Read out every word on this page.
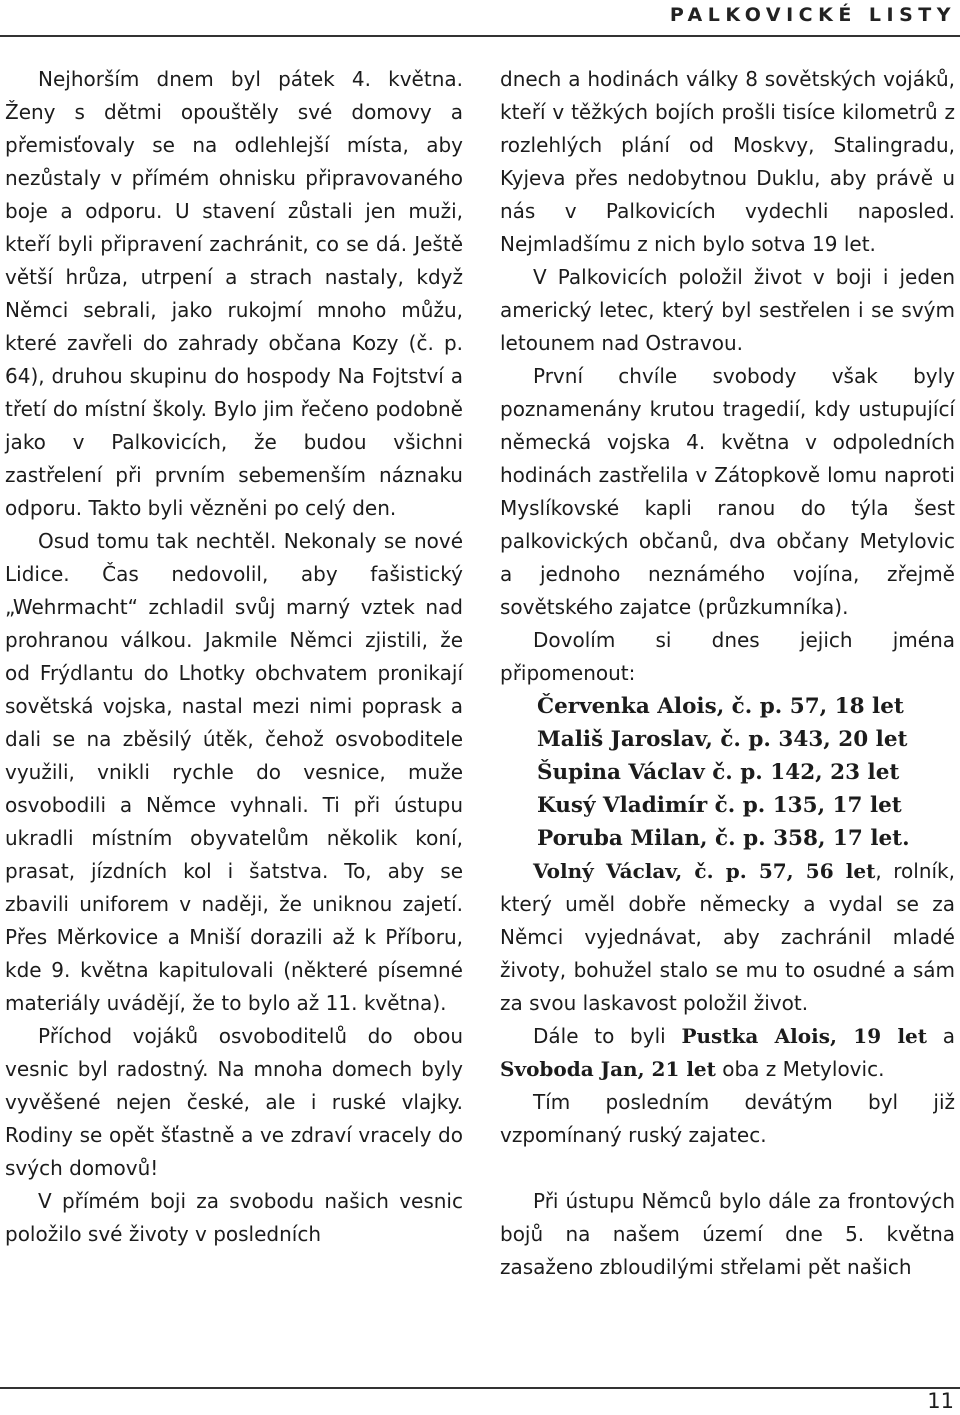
PALKOVICKÉ LISTY

Nejhorším dnem byl pátek 4. května. Ženy s dětmi opouštěly své domovy a přemisťovaly se na odlehlejší místa, aby nezůstaly v přímém ohnisku připravovaného boje a odporu. U stavení zůstali jen muži, kteří byli připravení zachránit, co se dá. Ještě větší hrůza, utrpení a strach nastaly, když Němci sebrali, jako rukojmí mnoho můžu, které zavřeli do zahrady občana Kozy (č. p. 64), druhou skupinu do hospody Na Fojtství a třetí do místní školy. Bylo jim řečeno podobně jako v Palkovicích, že budou všichni zastřelení při prvním sebemenším náznaku odporu. Takto byli vězněni po celý den.

Osud tomu tak nechtěl. Nekonaly se nové Lidice. Čas nedovolil, aby fašistický „Wehrmacht“ zchladil svůj marný vztek nad prohranou válkou. Jakmile Němci zjistili, že od Frýdlantu do Lhotky obchvatem pronikají sovětská vojska, nastal mezi nimi poprask a dali se na zběsilý útěk, čehož osvoboditele využili, vnikli rychle do vesnice, muže osvobodili a Němce vyhnali. Ti při ústupu ukradli místním obyvatelům několik koní, prasat, jízdních kol i šatstva. To, aby se zbavili uniforem v naději, že uniknou zajetí. Přes Měrkovice a Mniší dorazili až k Příboru, kde 9. května kapitulovali (některé písemné materiály uvádějí, že to bylo až 11. května).

Příchod vojáků osvoboditelů do obou vesnic byl radostný. Na mnoha domech byly vyvěšené nejen české, ale i ruské vlajky. Rodiny se opět šťastně a ve zdraví vracely do svých domovů!

V přímém boji za svobodu našich vesnic položilo své životy v posledních

dnech a hodinách války 8 sovětských vojáků, kteří v těžkých bojích prošli tisíce kilometrů z rozlehlých plání od Moskvy, Stalingradu, Kyjeva přes nedobytnou Duklu, aby právě u nás v Palkovicích vydechli naposled. Nejmladšímu z nich bylo sotva 19 let.

V Palkovicích položil život v boji i jeden americký letec, který byl sestřelen i se svým letounem nad Ostravou.

První chvíle svobody však byly poznamenány krutou tragedií, kdy ustupující německá vojska 4. května v odpoledních hodinách zastřelila v Zátopkově lomu naproti Myslíkovské kapli ranou do týla šest palkovických občanů, dva občany Metylovic a jednoho neznámého vojína, zřejmě sovětského zajatce (průzkumníka).

Dovolím si dnes jejich jména připomenout:

Červenka Alois, č. p. 57, 18 let
Mališ Jaroslav, č. p. 343, 20 let
Šupina Václav č. p. 142, 23 let
Kusý Vladimír č. p. 135, 17 let
Poruba Milan, č. p. 358, 17 let.

Volný Václav, č. p. 57, 56 let, rolník, který uměl dobře německy a vydal se za Němci vyjednávat, aby zachránil mladé životy, bohužel stalo se mu to osudné a sám za svou laskavost položil život.

Dále to byli Pustka Alois, 19 let a Svoboda Jan, 21 let oba z Metylovic.

Tím posledním devátým byl již vzpomínaný ruský zajatec.

Při ústupu Němců bylo dále za frontových bojů na našem území dne 5. května zasaženo zbloudilými střelami pět našich

11
